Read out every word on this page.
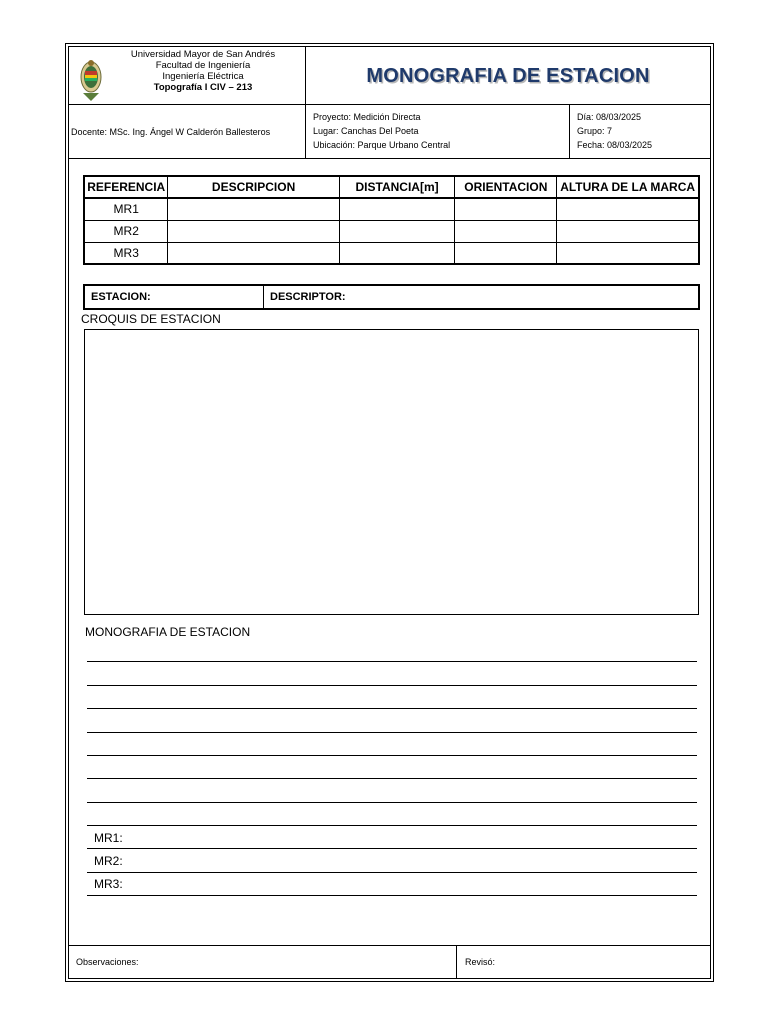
Universidad Mayor de San Andrés
Facultad de Ingeniería
Ingeniería Eléctrica
Topografía I CIV – 213
MONOGRAFIA DE ESTACION
Docente: MSc. Ing. Ángel W Calderón Ballesteros
Proyecto: Medición Directa
Lugar: Canchas Del Poeta
Ubicación: Parque Urbano Central
Día: 08/03/2025
Grupo: 7
Fecha: 08/03/2025
REFERENCIA	DESCRIPCION	DISTANCIA[m]	ORIENTACION	ALTURA DE LA MARCA
MR1				
MR2				
MR3				
ESTACION:	DESCRIPTOR:
CROQUIS DE ESTACION
MONOGRAFIA DE ESTACION
MR1:
MR2:
MR3:
Observaciones:	Revisó:
